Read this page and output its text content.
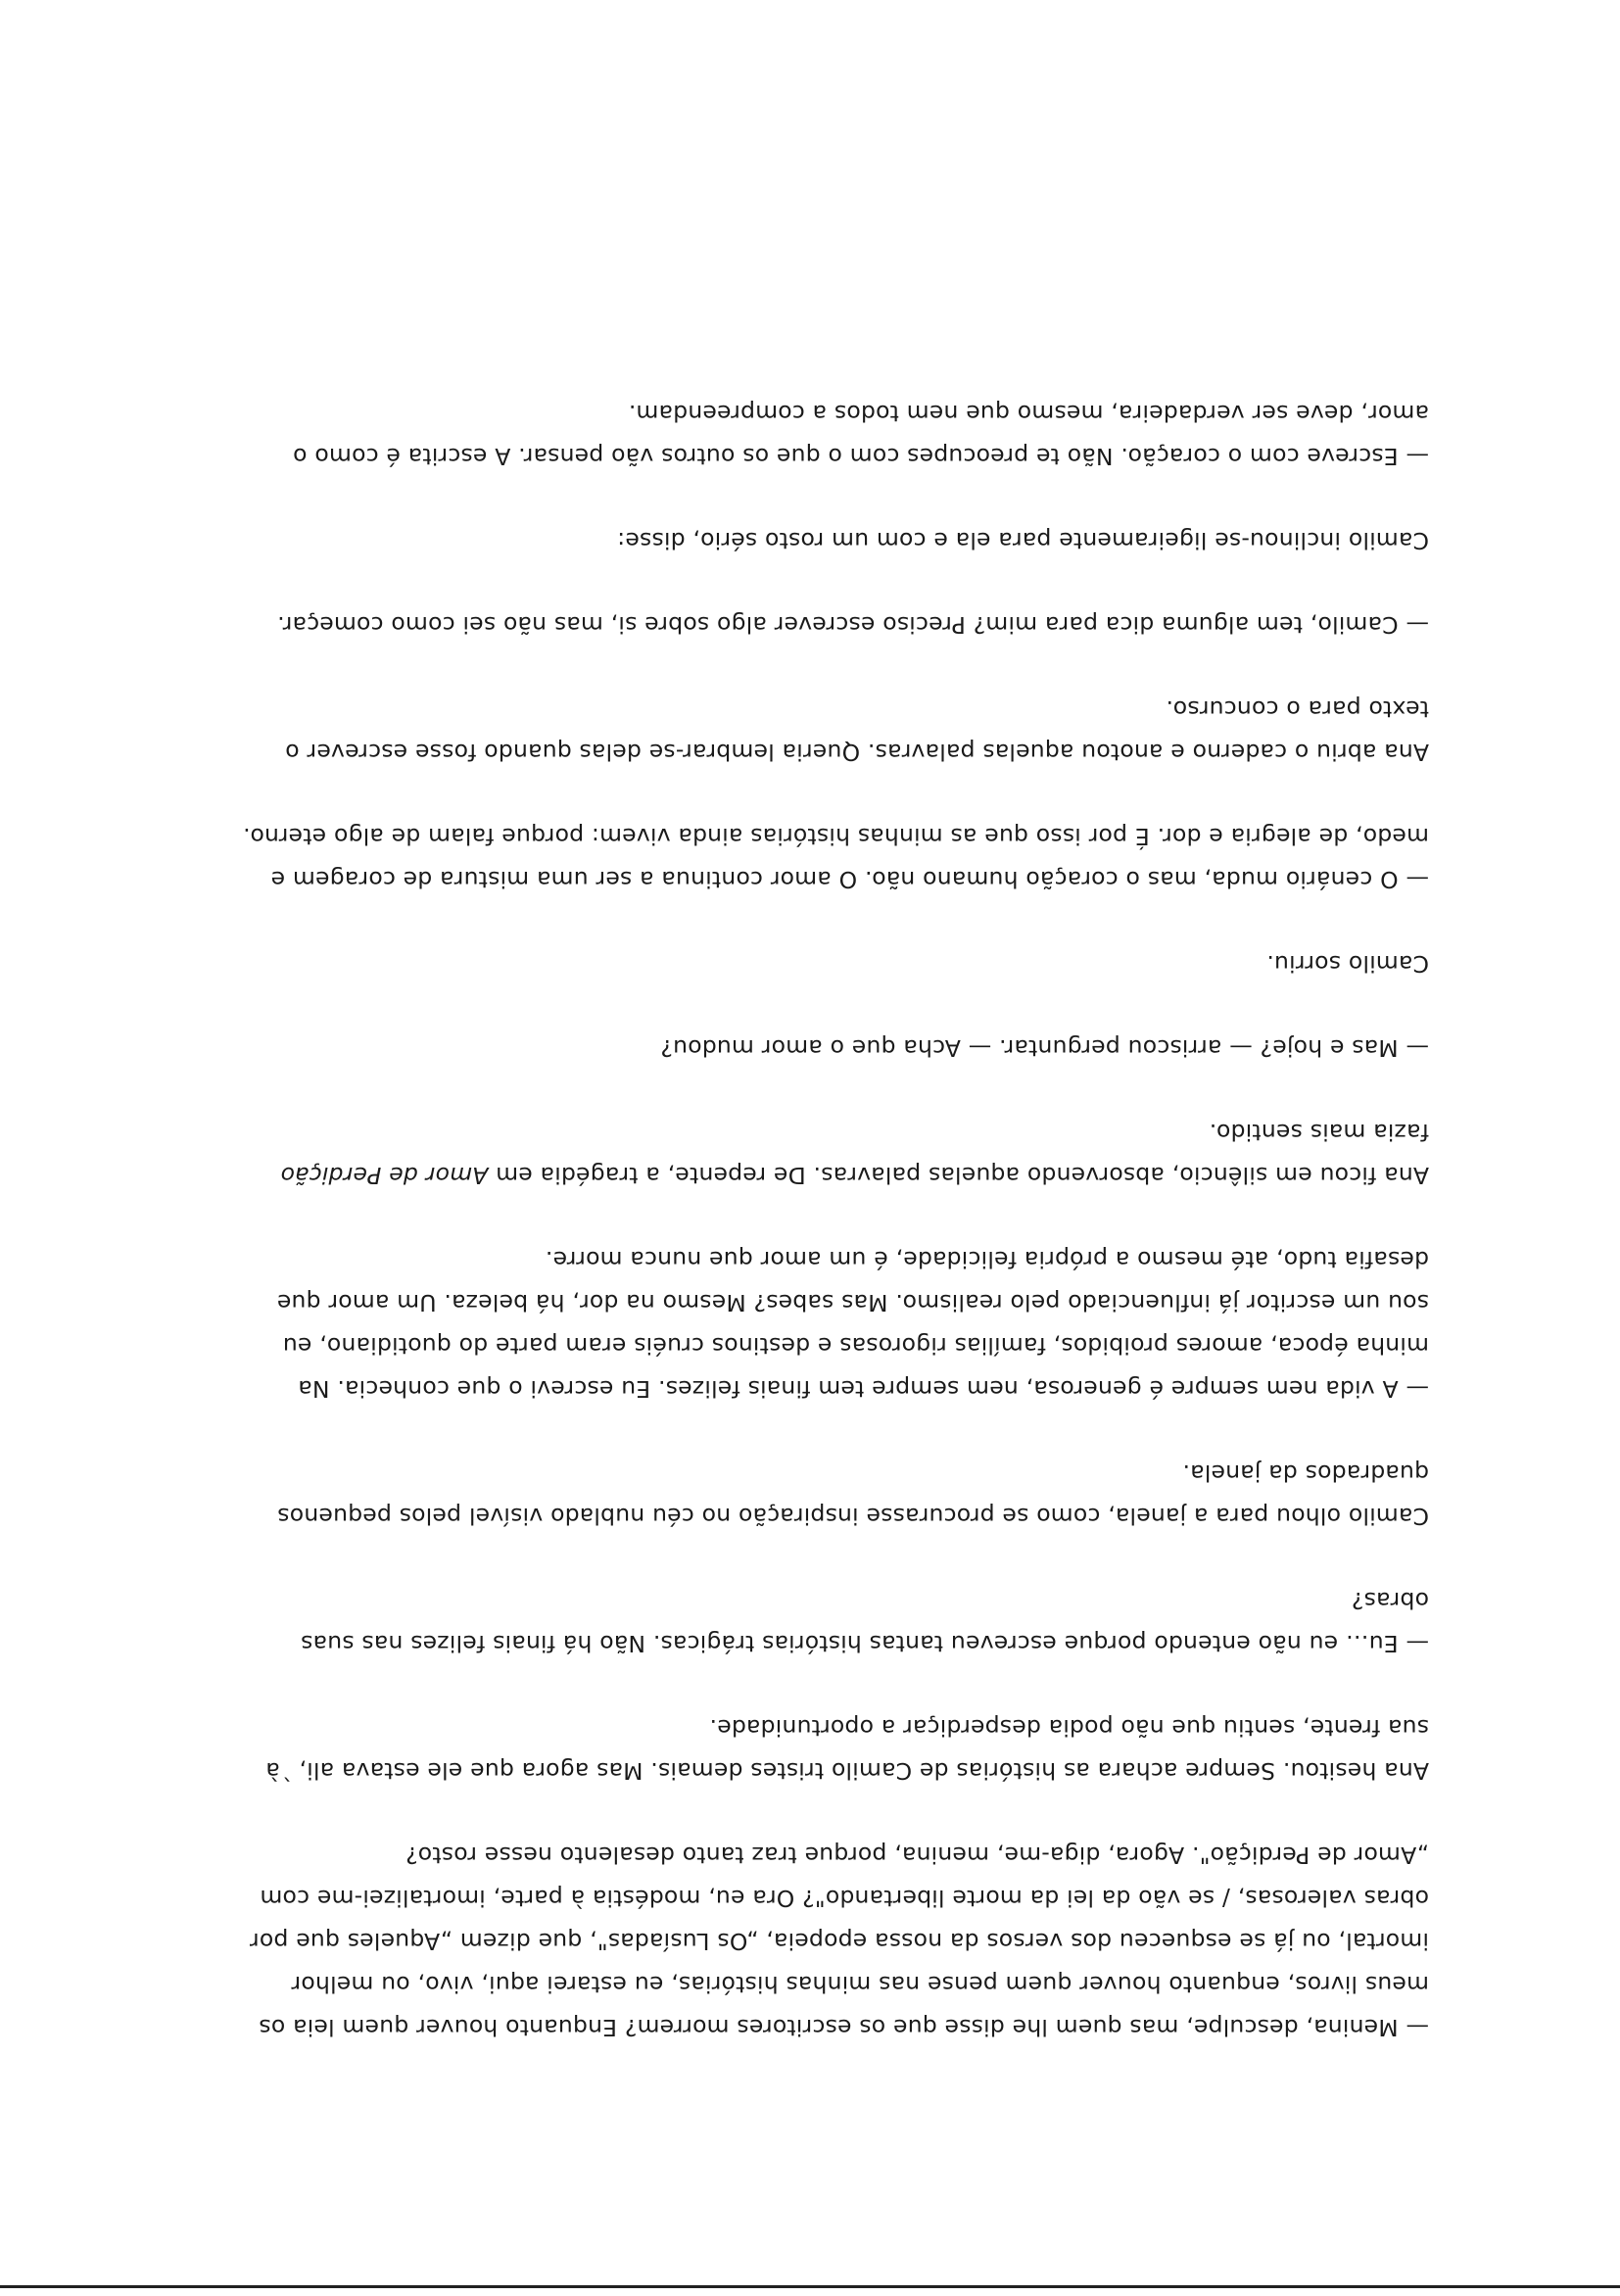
— Menina, desculpe, mas quem lhe disse que os escritores morrem? Enquanto houver quem leia os
meus livros, enquanto houver quem pense nas minhas histórias, eu estarei aqui, vivo, ou melhor
imortal, ou já se esqueceu dos versos da nossa epopeia, „Os Lusíadas", que dizem „Aqueles que por
obras valerosas, / se vão da lei da morte libertando"? Ora eu, modéstia à parte, imortalizei-me com
„Amor de Perdição". Agora, diga-me, menina, porque traz tanto desalento nesse rosto?

Ana hesitou. Sempre achara as histórias de Camilo tristes demais. Mas agora que ele estava ali, `à
sua frente, sentiu que não podia desperdiçar a oportunidade.

— Eu… eu não entendo porque escreveu tantas histórias trágicas. Não há finais felizes nas suas
obras?

Camilo olhou para a janela, como se procurasse inspiração no céu nublado visível pelos pequenos
quadrados da janela.

— A vida nem sempre é generosa, nem sempre tem finais felizes. Eu escrevi o que conhecia. Na
minha época, amores proibidos, famílias rigorosas e destinos cruéis eram parte do quotidiano, eu
sou um escritor já influenciado pelo realismo. Mas sabes? Mesmo na dor, há beleza. Um amor que
desafia tudo, até mesmo a própria felicidade, é um amor que nunca morre.

Ana ficou em silêncio, absorvendo aquelas palavras. De repente, a tragédia em Amor de Perdição
fazia mais sentido.

— Mas e hoje? — arriscou perguntar. — Acha que o amor mudou?

Camilo sorriu.

— O cenário muda, mas o coração humano não. O amor continua a ser uma mistura de coragem e
medo, de alegria e dor. É por isso que as minhas histórias ainda vivem: porque falam de algo eterno.

Ana abriu o caderno e anotou aquelas palavras. Queria lembrar-se delas quando fosse escrever o
texto para o concurso.

— Camilo, tem alguma dica para mim? Preciso escrever algo sobre si, mas não sei como começar.

Camilo inclinou-se ligeiramente para ela e com um rosto sério, disse:

— Escreve com o coração. Não te preocupes com o que os outros vão pensar. A escrita é como o
amor, deve ser verdadeira, mesmo que nem todos a compreendam.
